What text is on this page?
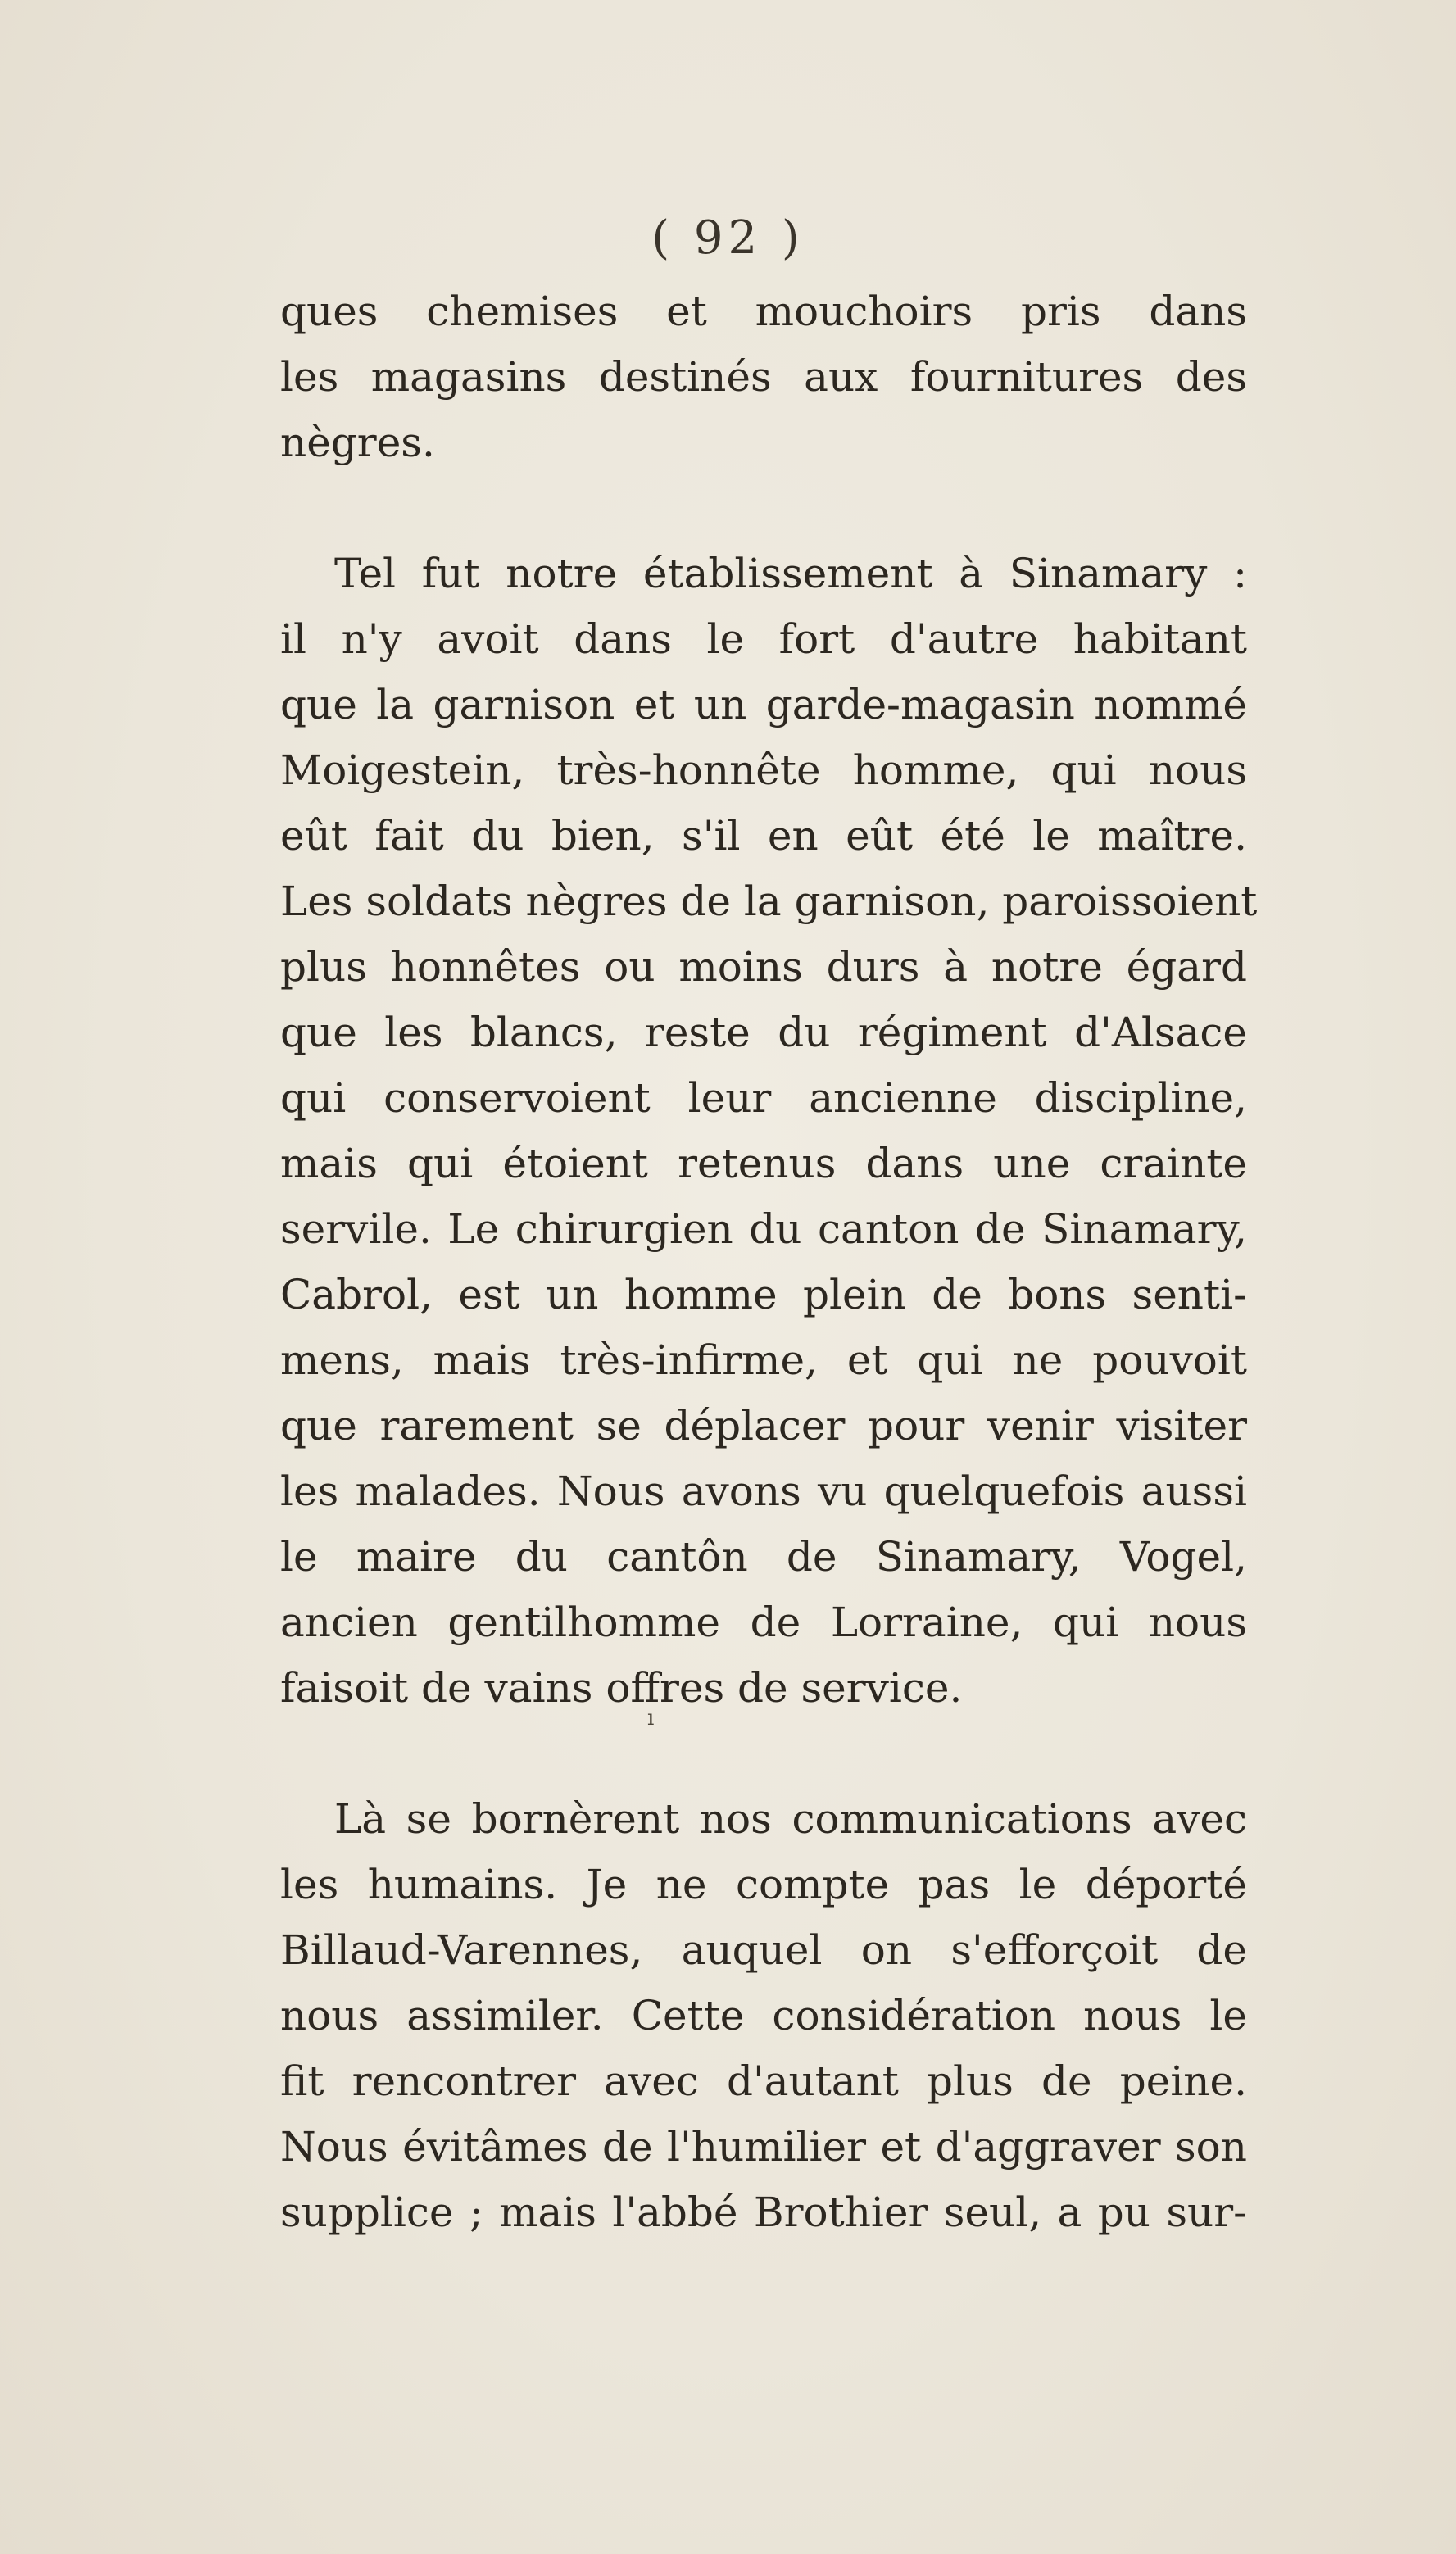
( 92 )
ques chemises et mouchoirs pris dans
les magasins destinés aux fournitures des
nègres.
Tel fut notre établissement à Sinamary :
il n'y avoit dans le fort d'autre habitant
que la garnison et un garde-magasin nommé
Moigestein, très-honnête homme, qui nous
eût fait du bien, s'il en eût été le maître.
Les soldats nègres de la garnison, paroissoient
plus honnêtes ou moins durs à notre égard
que les blancs, reste du régiment d'Alsace
qui conservoient leur ancienne discipline,
mais qui étoient retenus dans une crainte
servile. Le chirurgien du canton de Sinamary,
Cabrol, est un homme plein de bons senti-
mens, mais très-infirme, et qui ne pouvoit
que rarement se déplacer pour venir visiter
les malades. Nous avons vu quelquefois aussi
le maire du cantôn de Sinamary, Vogel,
ancien gentilhomme de Lorraine, qui nous
faisoit de vains offres de service.
Là se bornèrent nos communications avec
les humains. Je ne compte pas le déporté
Billaud-Varennes, auquel on s'efforçoit de
nous assimiler. Cette considération nous le
fit rencontrer avec d'autant plus de peine.
Nous évitâmes de l'humilier et d'aggraver son
supplice ; mais l'abbé Brothier seul, a pu sur-
ı
